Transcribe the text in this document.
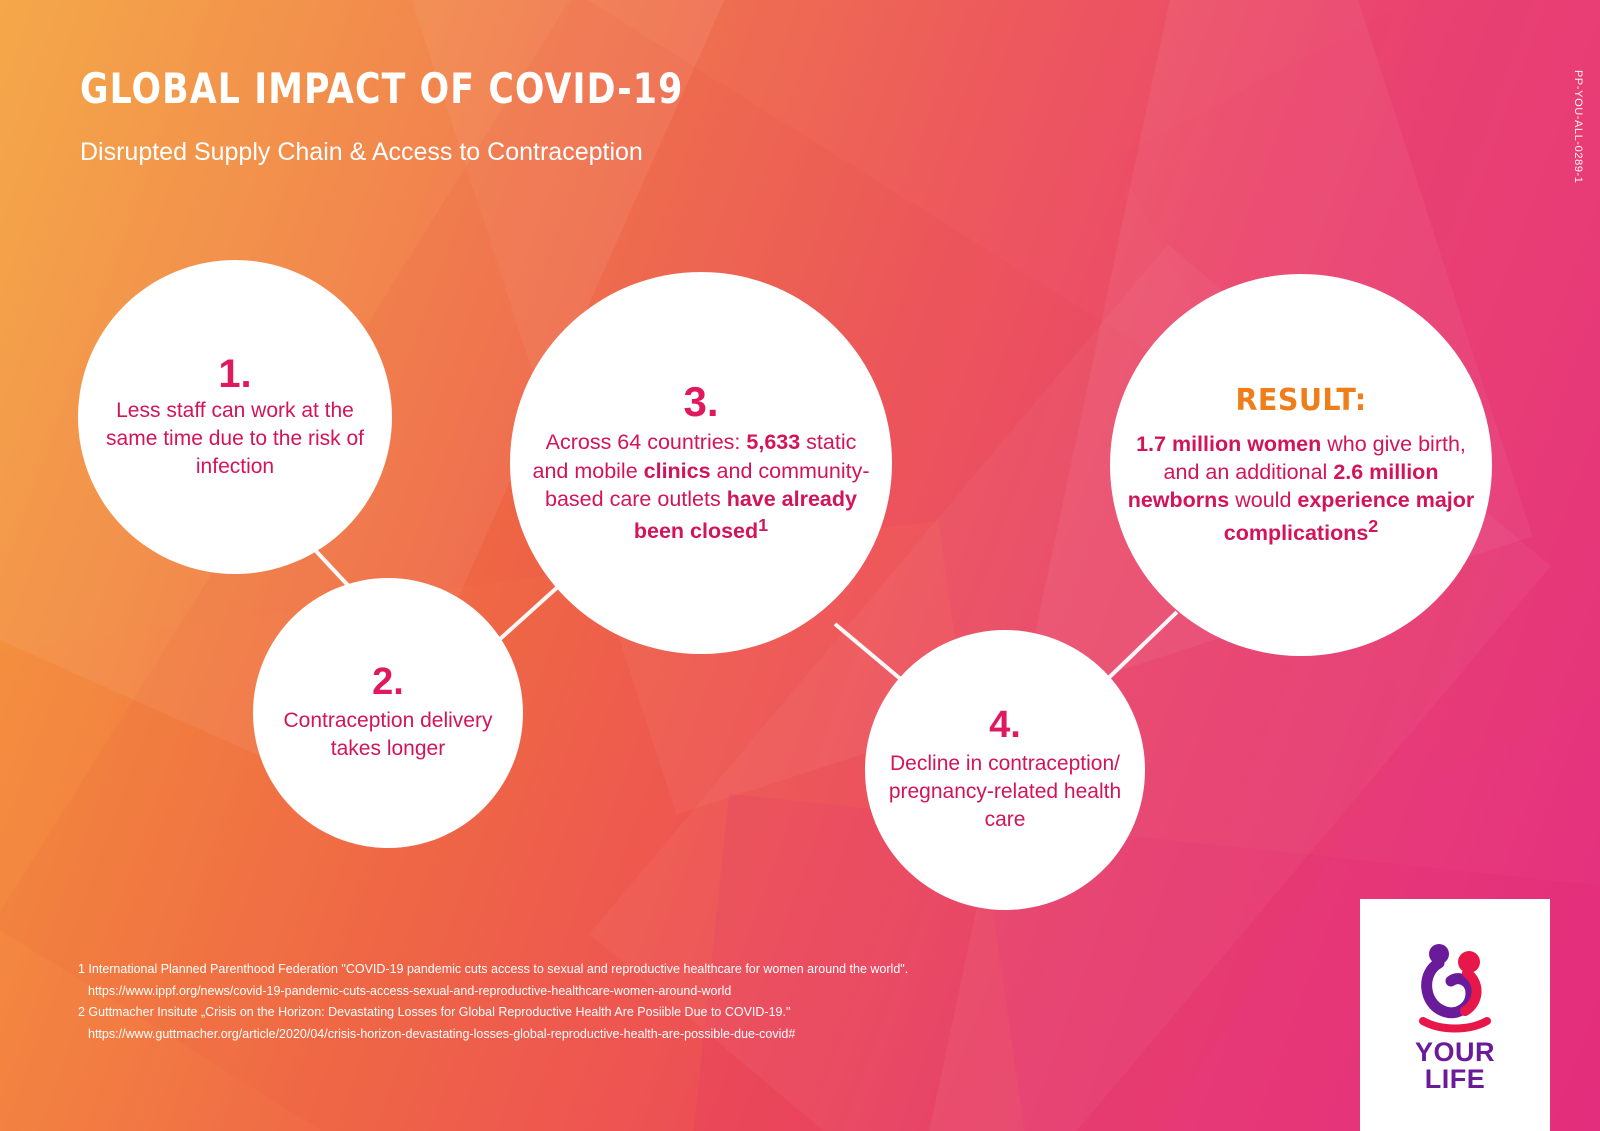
GLOBAL IMPACT OF COVID-19
Disrupted Supply Chain & Access to Contraception	PP-YOU-ALL-0289-1
1.
Less staff can work at the same time due to the risk of infection
2.
Contraception delivery takes longer
3.
Across 64 countries: 5,633 static and mobile clinics and community-based care outlets have already been closed$^1$
4.
Decline in contraception/ pregnancy-related health care
RESULT:
1.7 million women who give birth, and an additional 2.6 million newborns would experience major complications$^2$
1 International Planned Parenthood Federation "COVID-19 pandemic cuts access to sexual and reproductive healthcare for women around the world".
https://www.ippf.org/news/covid-19-pandemic-cuts-access-sexual-and-reproductive-healthcare-women-around-world
2 Guttmacher Insitute „Crisis on the Horizon: Devastating Losses for Global Reproductive Health Are Posiible Due to COVID-19."
https://www.guttmacher.org/article/2020/04/crisis-horizon-devastating-losses-global-reproductive-health-are-possible-due-covid#
YOUR
LIFE
